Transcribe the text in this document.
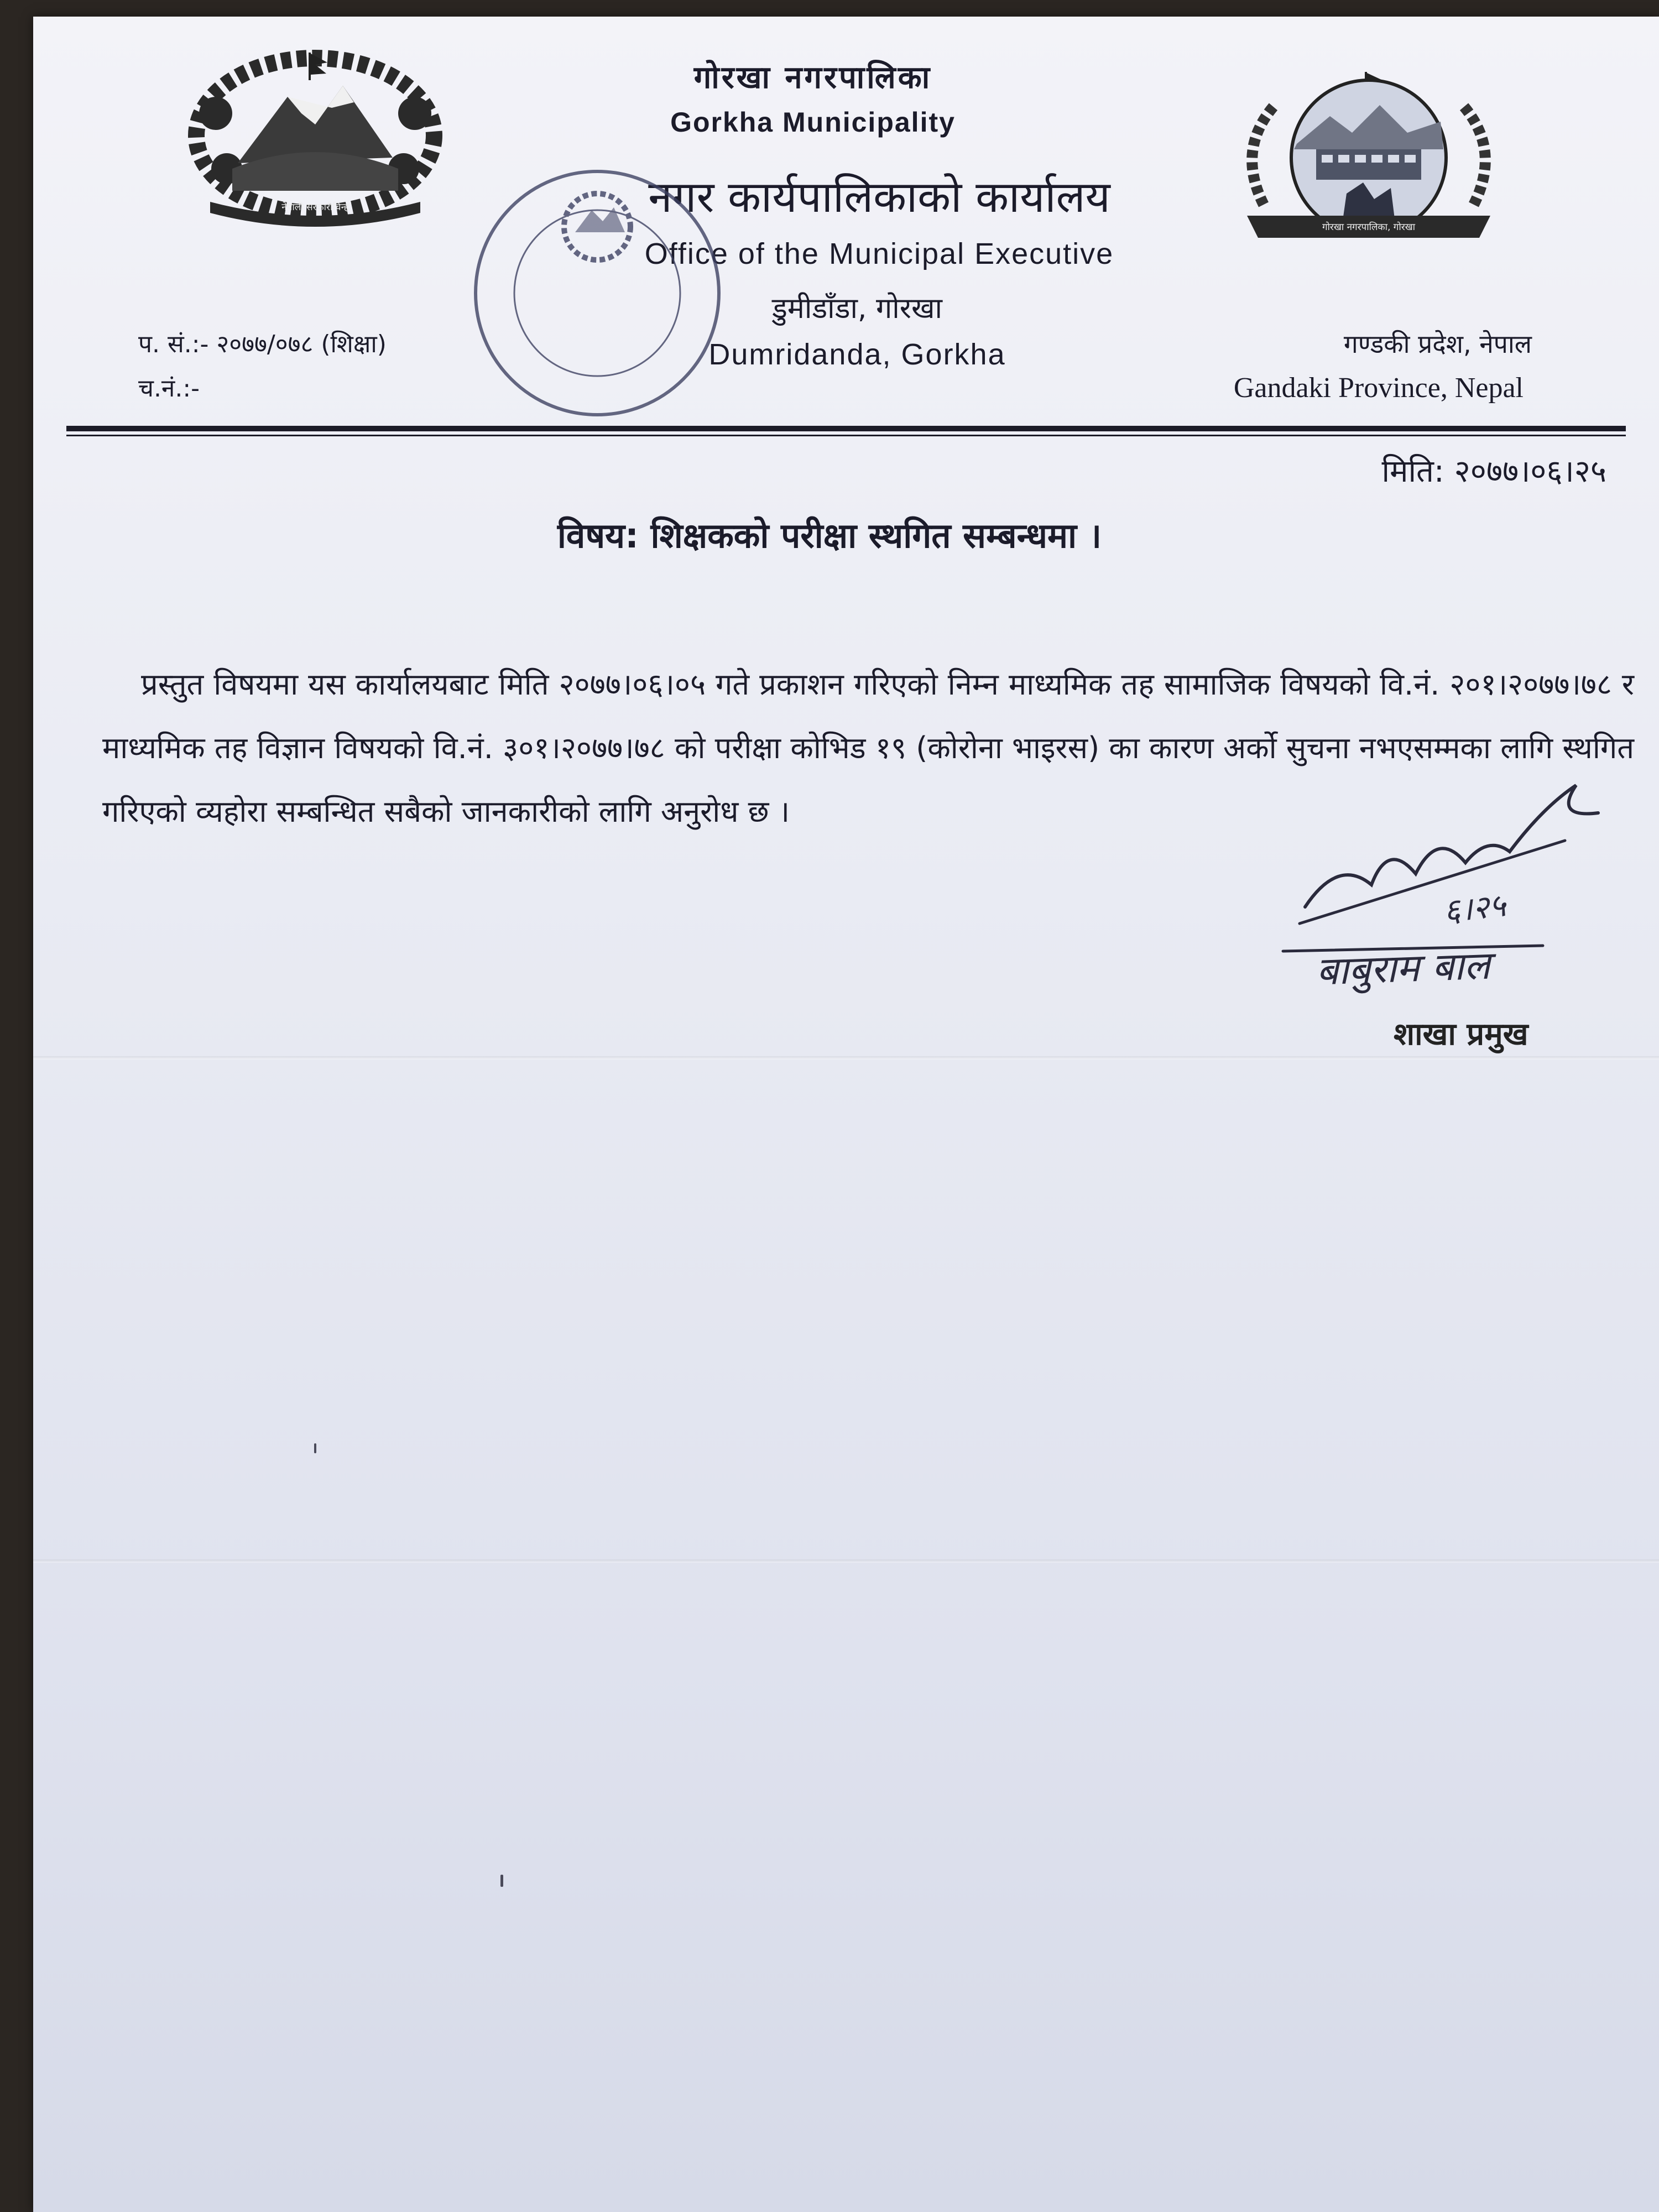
नेपाली सरकारीचिन्ह
गोरखा नगरपालिका, गोरखा
गोरखा नगरपालिका
Gorkha Municipality
नगर कार्यपालिकाको कार्यालय
Office of the Municipal Executive
डुमीडाँडा, गोरखा
Dumridanda, Gorkha
प. सं.:- २०७७/०७८ (शिक्षा)
च.नं.:-
गण्डकी प्रदेश, नेपाल
Gandaki Province, Nepal
मिति: २०७७।०६।२५
विषय: शिक्षकको परीक्षा स्थगित सम्बन्धमा ।
प्रस्तुत विषयमा यस कार्यालयबाट मिति २०७७।०६।०५ गते प्रकाशन गरिएको निम्न माध्यमिक तह सामाजिक विषयको वि.नं. २०१।२०७७।७८ र माध्यमिक तह विज्ञान विषयको वि.नं. ३०१।२०७७।७८ को परीक्षा कोभिड १९ (कोरोना भाइरस) का कारण अर्को सुचना नभएसम्मका लागि स्थगित गरिएको व्यहोरा सम्बन्धित सबैको जानकारीको लागि अनुरोध छ ।
६।२५
बाबुराम बाल
शाखा प्रमुख
